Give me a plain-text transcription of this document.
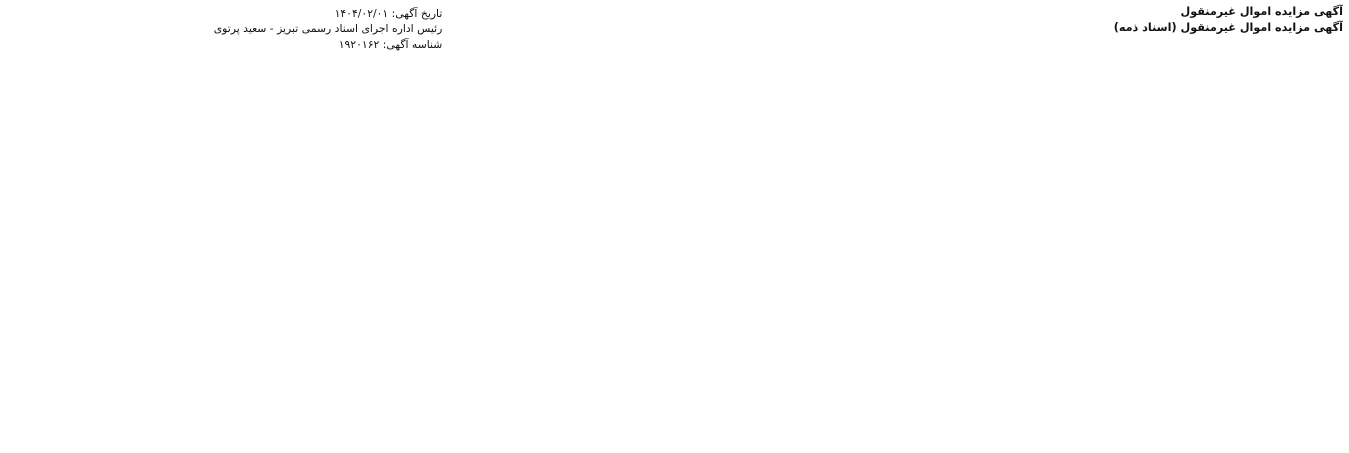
آگهی مزایده اموال غیرمنقول

آگهی مزایده اموال غیرمنقول (اسناد ذمه)

تاریخ آگهی: ۱۴۰۴/۰۲/۰۱
رئیس اداره اجرای اسناد رسمی تبریز - سعید پرتوی
شناسه آگهی: ۱۹۲۰۱۶۲
